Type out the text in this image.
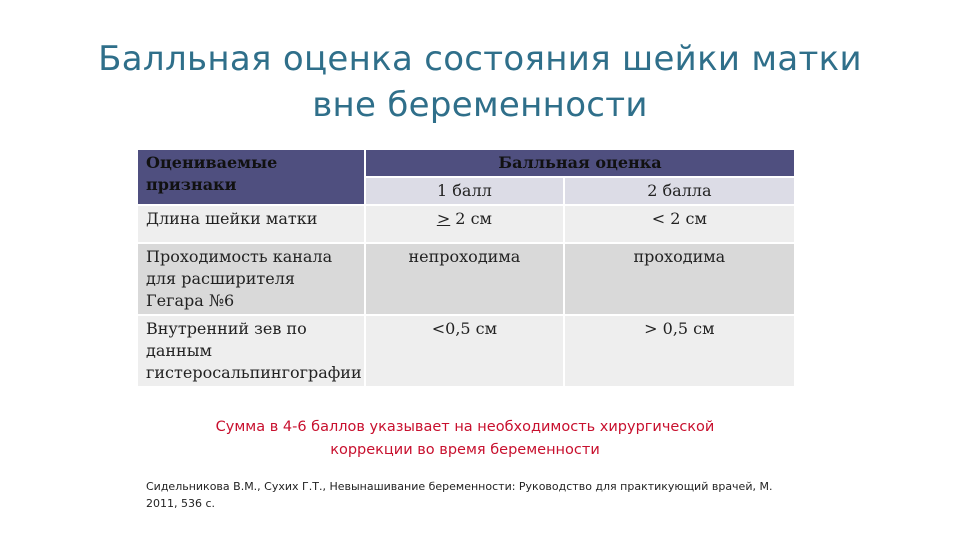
Балльная оценка состояния шейки матки
вне беременности
Оцениваемые признаки	Балльная оценка	
	1 балл	2 балла
Длина шейки матки	≥ 2 см	< 2 см
Проходимость канала для расширителя Гегара №6	непроходима	проходима
Внутренний зев по данным гистеросальпингографии	<0,5 см	> 0,5 см
Сумма в 4-6 баллов указывает на необходимость хирургической
коррекции во время беременности
Сидельникова В.М., Сухих Г.Т., Невынашивание беременности: Руководство для практикующий врачей, М. 2011, 536 с.
